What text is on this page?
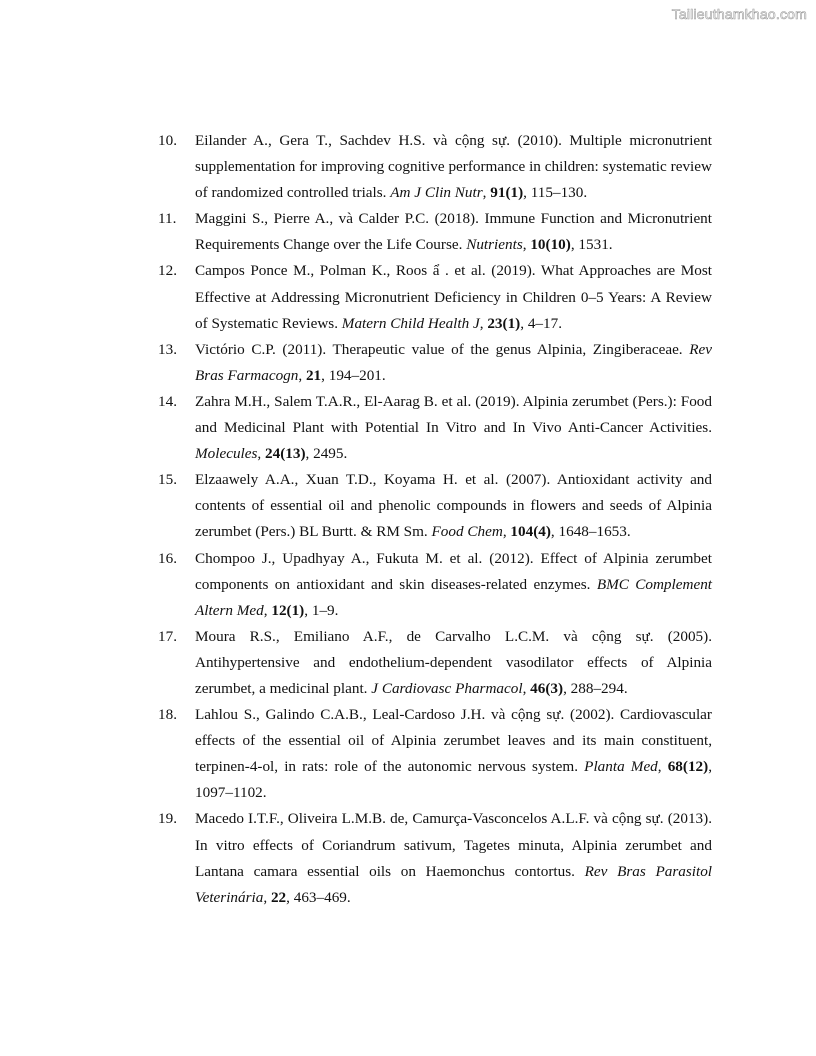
Tailieuthamkhao.com
10. Eilander A., Gera T., Sachdev H.S. và cộng sự. (2010). Multiple micronutrient supplementation for improving cognitive performance in children: systematic review of randomized controlled trials. Am J Clin Nutr, 91(1), 115–130.
11. Maggini S., Pierre A., và Calder P.C. (2018). Immune Function and Micronutrient Requirements Change over the Life Course. Nutrients, 10(10), 1531.
12. Campos Ponce M., Polman K., Roos ẩ . et al. (2019). What Approaches are Most Effective at Addressing Micronutrient Deficiency in Children 0–5 Years: A Review of Systematic Reviews. Matern Child Health J, 23(1), 4–17.
13. Victório C.P. (2011). Therapeutic value of the genus Alpinia, Zingiberaceae. Rev Bras Farmacogn, 21, 194–201.
14. Zahra M.H., Salem T.A.R., El-Aarag B. et al. (2019). Alpinia zerumbet (Pers.): Food and Medicinal Plant with Potential In Vitro and In Vivo Anti-Cancer Activities. Molecules, 24(13), 2495.
15. Elzaawely A.A., Xuan T.D., Koyama H. et al. (2007). Antioxidant activity and contents of essential oil and phenolic compounds in flowers and seeds of Alpinia zerumbet (Pers.) BL Burtt. & RM Sm. Food Chem, 104(4), 1648–1653.
16. Chompoo J., Upadhyay A., Fukuta M. et al. (2012). Effect of Alpinia zerumbet components on antioxidant and skin diseases-related enzymes. BMC Complement Altern Med, 12(1), 1–9.
17. Moura R.S., Emiliano A.F., de Carvalho L.C.M. và cộng sự. (2005). Antihypertensive and endothelium-dependent vasodilator effects of Alpinia zerumbet, a medicinal plant. J Cardiovasc Pharmacol, 46(3), 288–294.
18. Lahlou S., Galindo C.A.B., Leal-Cardoso J.H. và cộng sự. (2002). Cardiovascular effects of the essential oil of Alpinia zerumbet leaves and its main constituent, terpinen-4-ol, in rats: role of the autonomic nervous system. Planta Med, 68(12), 1097–1102.
19. Macedo I.T.F., Oliveira L.M.B. de, Camurça-Vasconcelos A.L.F. và cộng sự. (2013). In vitro effects of Coriandrum sativum, Tagetes minuta, Alpinia zerumbet and Lantana camara essential oils on Haemonchus contortus. Rev Bras Parasitol Veterinária, 22, 463–469.
